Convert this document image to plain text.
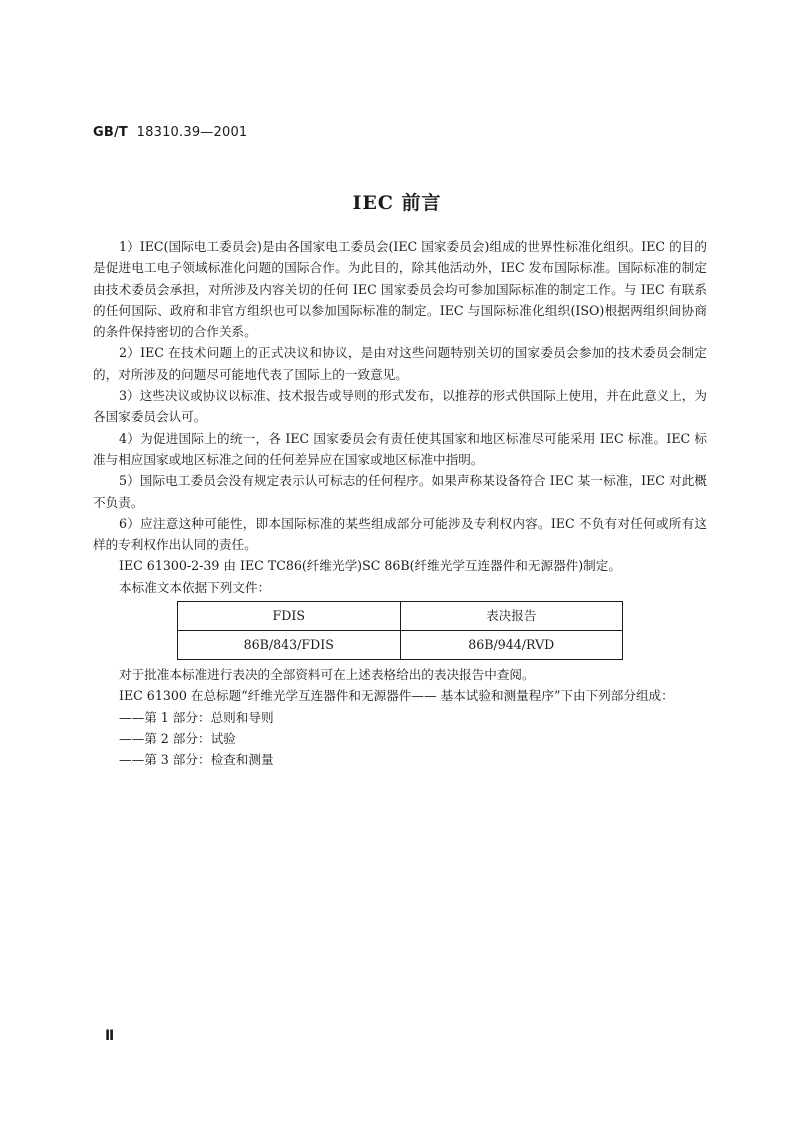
GB/T 18310.39—2001
IEC 前言

1）IEC(国际电工委员会)是由各国家电工委员会(IEC 国家委员会)组成的世界性标准化组织。IEC 的目的是促进电工电子领域标准化问题的国际合作。为此目的，除其他活动外，IEC 发布国际标准。国际标准的制定由技术委员会承担，对所涉及内容关切的任何 IEC 国家委员会均可参加国际标准的制定工作。与 IEC 有联系的任何国际、政府和非官方组织也可以参加国际标准的制定。IEC 与国际标准化组织(ISO)根据两组织间协商的条件保持密切的合作关系。

2）IEC 在技术问题上的正式决议和协议，是由对这些问题特别关切的国家委员会参加的技术委员会制定的，对所涉及的问题尽可能地代表了国际上的一致意见。

3）这些决议或协议以标准、技术报告或导则的形式发布，以推荐的形式供国际上使用，并在此意义上，为各国家委员会认可。

4）为促进国际上的统一，各 IEC 国家委员会有责任使其国家和地区标准尽可能采用 IEC 标准。IEC 标准与相应国家或地区标准之间的任何差异应在国家或地区标准中指明。

5）国际电工委员会没有规定表示认可标志的任何程序。如果声称某设备符合 IEC 某一标准，IEC 对此概不负责。

6）应注意这种可能性，即本国际标准的某些组成部分可能涉及专利权内容。IEC 不负有对任何或所有这样的专利权作出认同的责任。

IEC 61300-2-39 由 IEC TC86(纤维光学)SC 86B(纤维光学互连器件和无源器件)制定。

本标准文本依据下列文件：

FDIS	表决报告
86B/843/FDIS	86B/944/RVD

对于批准本标准进行表决的全部资料可在上述表格给出的表决报告中查阅。

IEC 61300 在总标题“纤维光学互连器件和无源器件—— 基本试验和测量程序”下由下列部分组成：

——第 1 部分：总则和导则

——第 2 部分：试验

——第 3 部分：检查和测量

Ⅱ
